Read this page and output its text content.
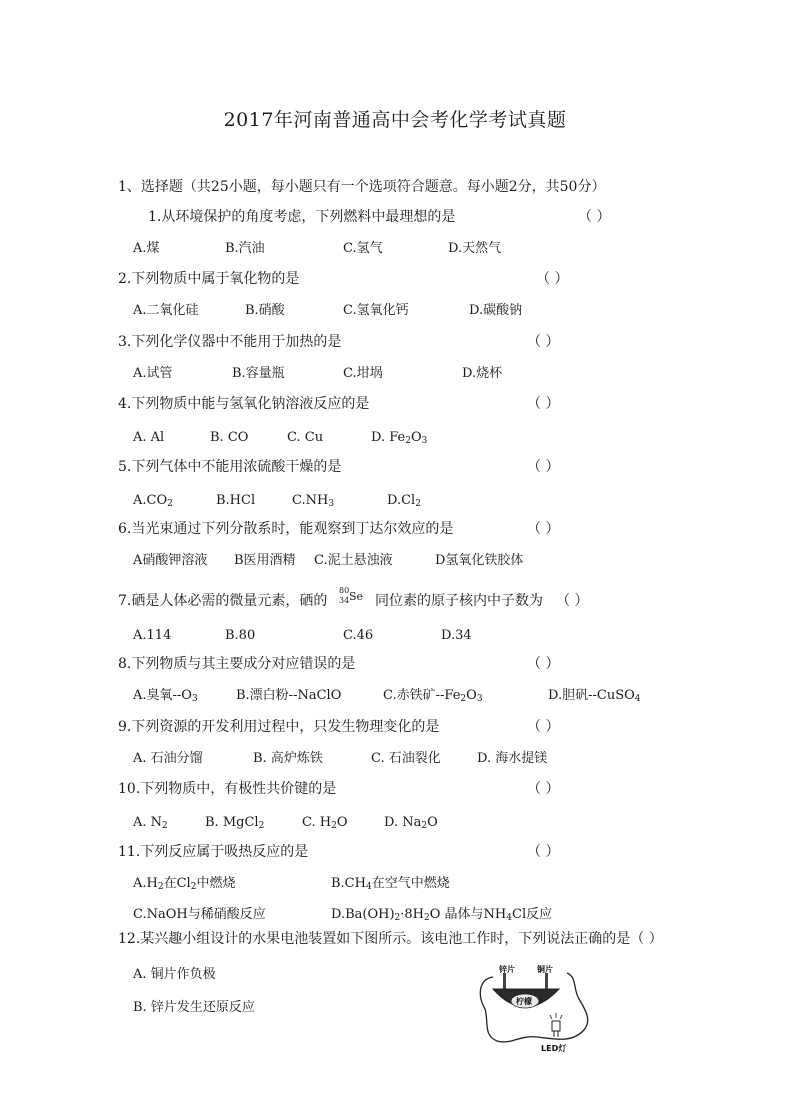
2017年河南普通高中会考化学考试真题
1、选择题（共25小题，每小题只有一个选项符合题意。每小题2分，共50分）
1.从环境保护的角度考虑，下列燃料中最理想的是	（ ）
A.煤	B.汽油	C.氢气	D.天然气
2.下列物质中属于氧化物的是	（ ）
A.二氧化硅	B.硝酸	C.氢氧化钙	D.碳酸钠
3.下列化学仪器中不能用于加热的是	（ ）
A.试管	B.容量瓶	C.坩埚	D.烧杯
4.下列物质中能与氢氧化钠溶液反应的是	（ ）
A. Al	B. CO	C. Cu	D. $Fe_2O_3$
5.下列气体中不能用浓硫酸干燥的是	（ ）
$A.CO_2$	B.HCl	$C.NH_3$	$D.Cl_2$
6.当光束通过下列分散系时，能观察到丁达尔效应的是	（ ）
A硝酸钾溶液 B医用酒精 C.泥土悬浊液	D氢氧化铁胶体
7.硒是人体必需的微量元素，硒的
80
34 Se 同位素的原子核内中子数为 （ ）
A.114	B.80	C.46	D.34
8.下列物质与其主要成分对应错误的是	（ ）
A.臭氧$--O_3$	B.漂白粉--NaClO	C.赤铁矿$--Fe_2O_3$	D.胆矾--CuSO$_4$
9.下列资源的开发利用过程中，只发生物理变化的是	（ ）
A. 石油分馏	B. 高炉炼铁	C. 石油裂化	D. 海水提镁
10.下列物质中，有极性共价键的是	（ ）
A. $N_2$	B. MgCl$_2$	C. $H_2O$	D. $Na_2O$
11.下列反应属于吸热反应的是	（ ）
$A.H_2$在$Cl_2$中燃烧	$B.CH_4$在空气中燃烧
C.NaOH与稀硝酸反应	$D.Ba(OH)_2\cdot 8H_2O$ 晶体与$NH_4Cl$反应
12.某兴趣小组设计的水果电池装置如下图所示。该电池工作时，下列说法正确的是（ ）
A. 铜片作负极
B. 锌片发生还原反应
锌片	铜片
柠檬
LED灯
